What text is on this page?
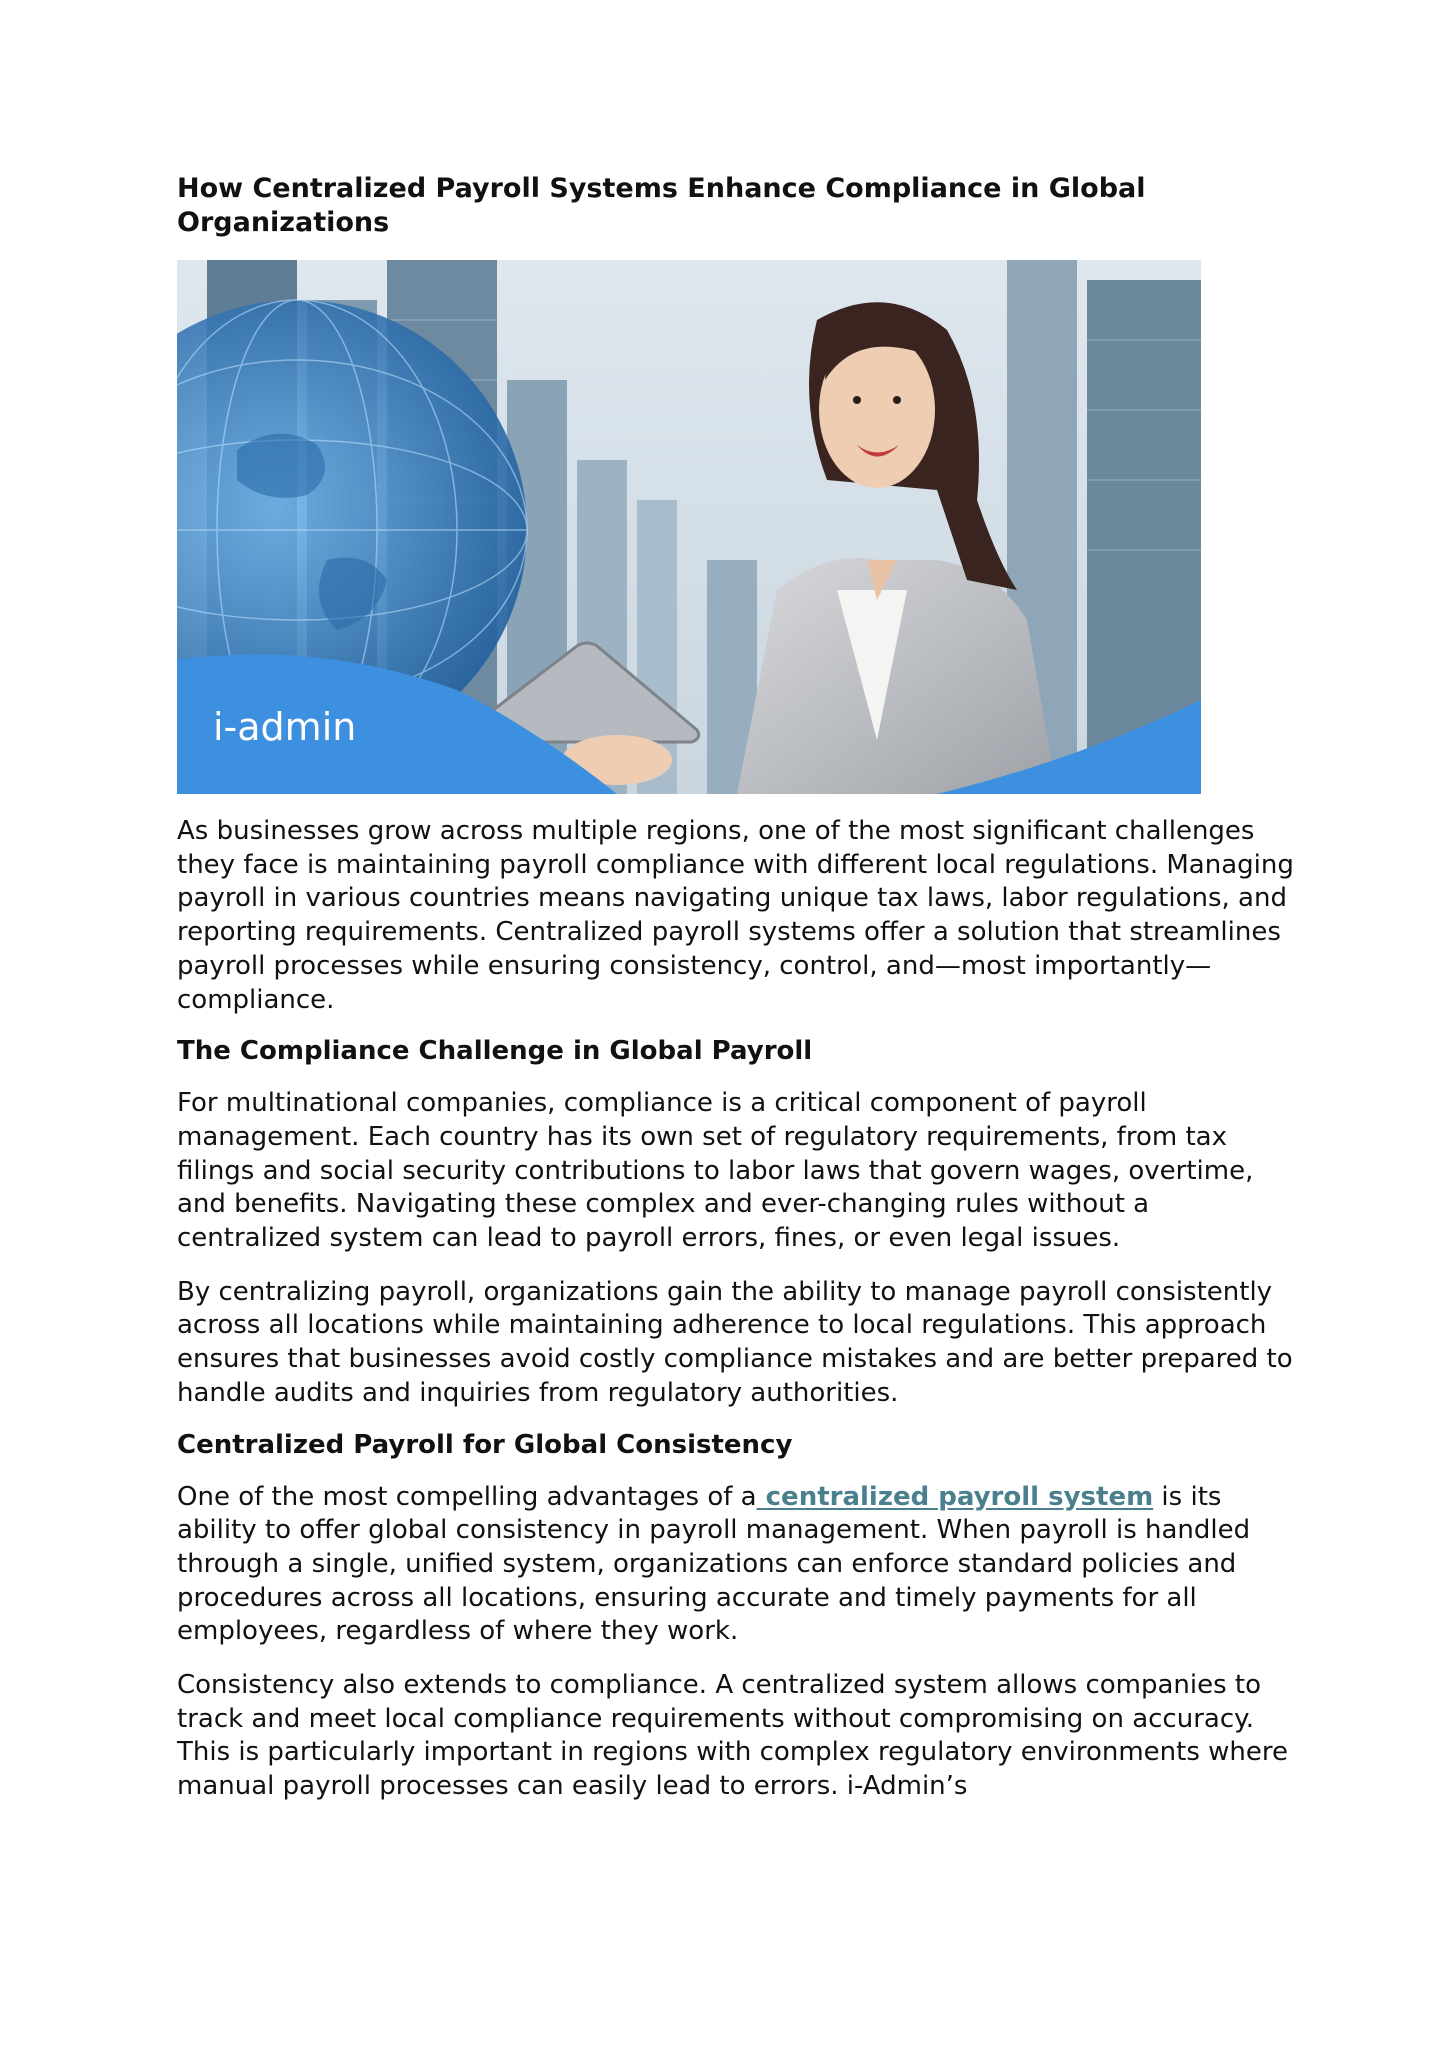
How Centralized Payroll Systems Enhance Compliance in Global Organizations
i-admin

As businesses grow across multiple regions, one of the most significant challenges they face is maintaining payroll compliance with different local regulations. Managing payroll in various countries means navigating unique tax laws, labor regulations, and reporting requirements. Centralized payroll systems offer a solution that streamlines payroll processes while ensuring consistency, control, and—most importantly—compliance.

The Compliance Challenge in Global Payroll

For multinational companies, compliance is a critical component of payroll management. Each country has its own set of regulatory requirements, from tax filings and social security contributions to labor laws that govern wages, overtime, and benefits. Navigating these complex and ever-changing rules without a centralized system can lead to payroll errors, fines, or even legal issues.

By centralizing payroll, organizations gain the ability to manage payroll consistently across all locations while maintaining adherence to local regulations. This approach ensures that businesses avoid costly compliance mistakes and are better prepared to handle audits and inquiries from regulatory authorities.

Centralized Payroll for Global Consistency

One of the most compelling advantages of a centralized payroll system is its ability to offer global consistency in payroll management. When payroll is handled through a single, unified system, organizations can enforce standard policies and procedures across all locations, ensuring accurate and timely payments for all employees, regardless of where they work.

Consistency also extends to compliance. A centralized system allows companies to track and meet local compliance requirements without compromising on accuracy. This is particularly important in regions with complex regulatory environments where manual payroll processes can easily lead to errors. i-Admin’s
